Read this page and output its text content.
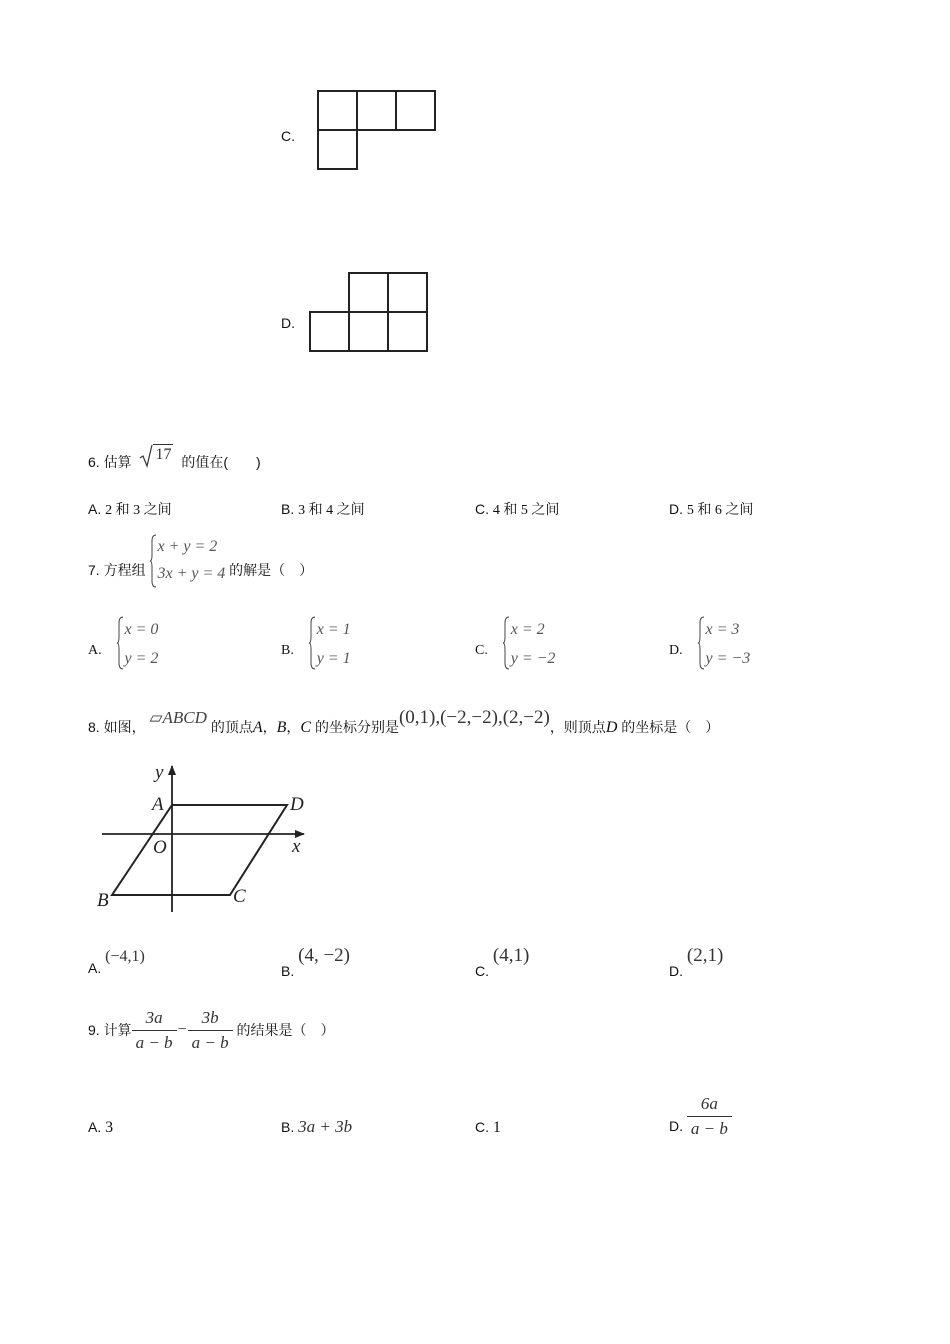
C.
D.
6. 估算 17 的值在(　　)
A. 2 和 3 之间	B. 3 和 4 之间	C. 4 和 5 之间	D. 5 和 6 之间
7. 方程组
x + y = 2
3x + y = 4 的解是（　）
A.
x = 0
y = 2	B.
x = 1
y = 1	C.
x = 2
y = −2	D.
x = 3
y = −3
8. 如图， ▱ABCD 的顶点A，B，C 的坐标分别是(0,1),(−2,−2),(2,−2)，则顶点D 的坐标是（　）
y
x
O
A	D
B	C
A. (−4,1)
B. (4, −2)
C. (4,1)
D. (2,1)
9.
计算 $\frac{3a}{a - b} - \frac{3b}{a - b}$
的结果是（　）
A. 3	B. 3a + 3b	C. 1	D.
$\frac{6a}{a - b}$
